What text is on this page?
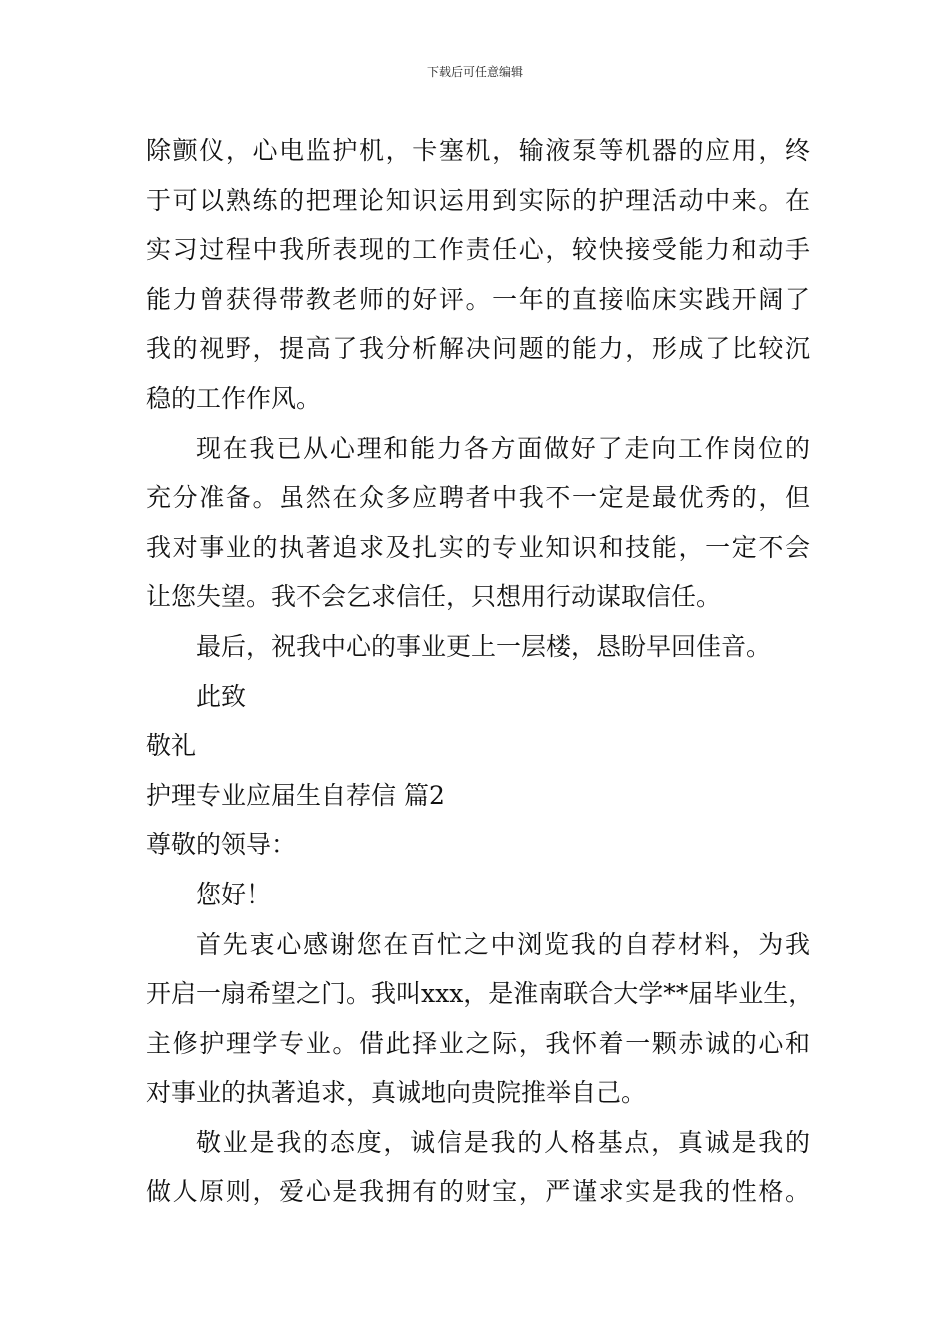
下载后可任意编辑
除颤仪，心电监护机，卡塞机，输液泵等机器的应用，终
于可以熟练的把理论知识运用到实际的护理活动中来。在
实习过程中我所表现的工作责任心，较快接受能力和动手
能力曾获得带教老师的好评。一年的直接临床实践开阔了
我的视野，提高了我分析解决问题的能力，形成了比较沉
稳的工作作风。
现在我已从心理和能力各方面做好了走向工作岗位的
充分准备。虽然在众多应聘者中我不一定是最优秀的，但
我对事业的执著追求及扎实的专业知识和技能，一定不会
让您失望。我不会乞求信任，只想用行动谋取信任。
最后，祝我中心的事业更上一层楼，恳盼早回佳音。
此致
敬礼
护理专业应届生自荐信 篇2
尊敬的领导：
您好！
首先衷心感谢您在百忙之中浏览我的自荐材料，为我
开启一扇希望之门。我叫xxx，是淮南联合大学**届毕业生，
主修护理学专业。借此择业之际，我怀着一颗赤诚的心和
对事业的执著追求，真诚地向贵院推举自己。
敬业是我的态度，诚信是我的人格基点，真诚是我的
做人原则，爱心是我拥有的财宝，严谨求实是我的性格。
